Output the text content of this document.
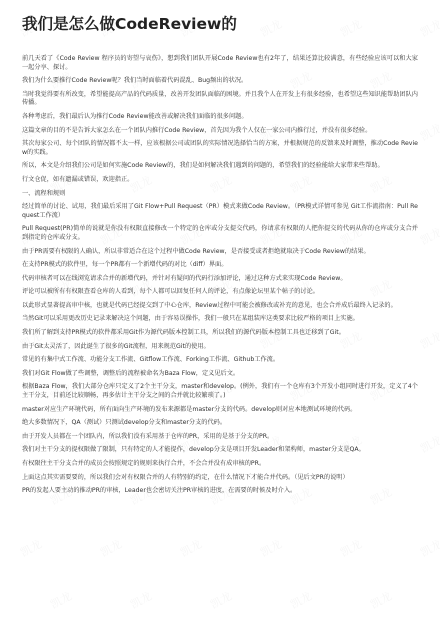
我们是怎么做CodeReview的

前几天看了《Code Review 程序员的寄望与哀伤》，想到我们团队开展Code Review也有2年了，结果还算比较满意，有些经验应该可以和大家一起分享、探讨。

我们为什么要推行Code Review呢？我们当时面临着代码混乱、Bug频出的状况。

当时我觉得要有所改变，希望能提高产品的代码质量，改善开发团队面临的困境。并且我个人在开发上有很多经验，也希望这些知识能帮助团队内传播。

各种考虑后，我们最后认为推行Code Review能改善或解决我们面临的很多问题。

这篇文章的目的不是告诉大家怎么在一个团队内推行Code Review，首先因为我个人仅在一家公司内推行过，并没有很多经验。

其次每家公司、每个团队的情况都不太一样，应该根据公司或团队的实际情况选择恰当的方案，并根据规范的反馈来及时调整，推动Code Review的实践。

所以，本文是介绍我们公司是如何实施Code Review的，我们是如何解决我们遇到的问题的，希望我们的经验能给大家带来些帮助。

行文仓促，如有遗漏或错误，欢迎指正。

一、流程和规则

经过简单的讨论、试用，我们最后采用了Git Flow+Pull Request（PR）模式来做Code Review。（PR模式详情可参见 Git工作流指南：Pull Request工作流）

Pull Request(PR)简单的说就是你没有权限直接修改一个特定的仓库或分支提交代码，你请求有权限的人把你提交的代码从你的仓库或分支合并到指定的仓库或分支。

由于PR需要有权限的人确认，所以非常适合在这个过程中做Code Review，是否接受或者拒绝就取决于Code Review的结果。

在支持PR模式的软件里，每一个PR都有一个新增代码的对比（diff）界面。

代码审核者可以在线浏览请求合并的新增代码，并针对有疑问的代码行添加评论，通过这种方式来实现Code Review。

评论可以被所有有权限查看仓库的人看到，每个人都可以回复任何人的评论，有点像论坛里某个帖子的讨论。

以此形式显著提高审中核，也就是代码已经提交到了中心仓库，Review过程中可能会被修改或补充的意见，也会合并成后最终入记录的。

当然Git可以采用更改历史记录来解决这个问题，由于容易误操作，我们一般只在某组装库这类要求比较严格的项目上实施。

我们所了解到支持PR模式的软件都采用Git作为源代码版本控制工具，所以我们的源代码版本控制工具也迁移到了Git。

由于Git太灵活了，因此诞生了很多的Git流程，用来规范Git的使用。

常见的有集中式工作流、功能分支工作流、Gitflow工作流、Forking工作流、Github工作流。

我们对Git Flow做了些调整，调整后的流程被命名为Baza Flow，定义见后文。

根据Baza Flow，我们大部分仓库只定义了2个主干分支，master和develop。(例外，我们有一个仓库有3个开发小组同时进行开发，定义了4个主干分支，目前还比较顺畅，再多估计主干分支之间的合并就比较繁琐了。)

master对应生产环境代码，所有面向生产环境的发布来源都是master分支的代码。develop则对应本地测试环境的代码。

绝大多数情况下，QA（测试）只测试develop分支和master分支的代码。

由于开发人员都在一个团队内，所以我们没有采用基于仓库的PR，采用的是基于分支的PR。

我们对主干分支的提权限做了限制，只有特定的人才能提作，develop分支是项目开发Leader和架构师，master分支是QA。

有权限往主干分支合并的成员会按照规定的规则来执行合并，不会合并没有成审核的PR。

上面这点其实需要要的，所以我们会对有权限合并的人有特别的约定，在什么情况下才能合并代码。（见后文PR的说明）

PR的发起人要主动的推动PR的审核，Leader也会密切关注PR审核的进度，在需要的时候及时介入。
